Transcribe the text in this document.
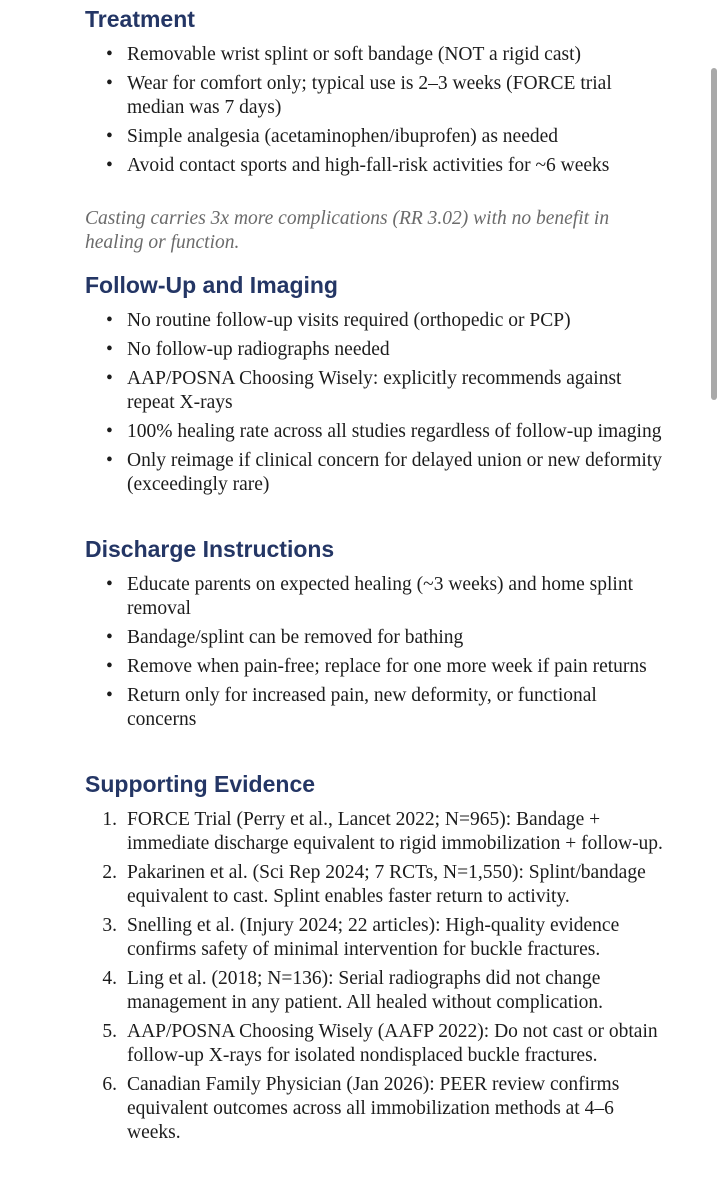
Treatment
• Removable wrist splint or soft bandage (NOT a rigid cast)
• Wear for comfort only; typical use is 2–3 weeks (FORCE trial median was 7 days)
• Simple analgesia (acetaminophen/ibuprofen) as needed
• Avoid contact sports and high-fall-risk activities for ~6 weeks

Casting carries 3x more complications (RR 3.02) with no benefit in healing or function.

Follow-Up and Imaging
• No routine follow-up visits required (orthopedic or PCP)
• No follow-up radiographs needed
• AAP/POSNA Choosing Wisely: explicitly recommends against repeat X-rays
• 100% healing rate across all studies regardless of follow-up imaging
• Only reimage if clinical concern for delayed union or new deformity (exceedingly rare)
Discharge Instructions
• Educate parents on expected healing (~3 weeks) and home splint removal
• Bandage/splint can be removed for bathing
• Remove when pain-free; replace for one more week if pain returns
• Return only for increased pain, new deformity, or functional concerns
Supporting Evidence
1. FORCE Trial (Perry et al., Lancet 2022; N=965): Bandage + immediate discharge equivalent to rigid immobilization + follow-up.
2. Pakarinen et al. (Sci Rep 2024; 7 RCTs, N=1,550): Splint/bandage equivalent to cast. Splint enables faster return to activity.
3. Snelling et al. (Injury 2024; 22 articles): High-quality evidence confirms safety of minimal intervention for buckle fractures.
4. Ling et al. (2018; N=136): Serial radiographs did not change management in any patient. All healed without complication.
5. AAP/POSNA Choosing Wisely (AAFP 2022): Do not cast or obtain follow-up X-rays for isolated nondisplaced buckle fractures.
6. Canadian Family Physician (Jan 2026): PEER review confirms equivalent outcomes across all immobilization methods at 4–6 weeks.
